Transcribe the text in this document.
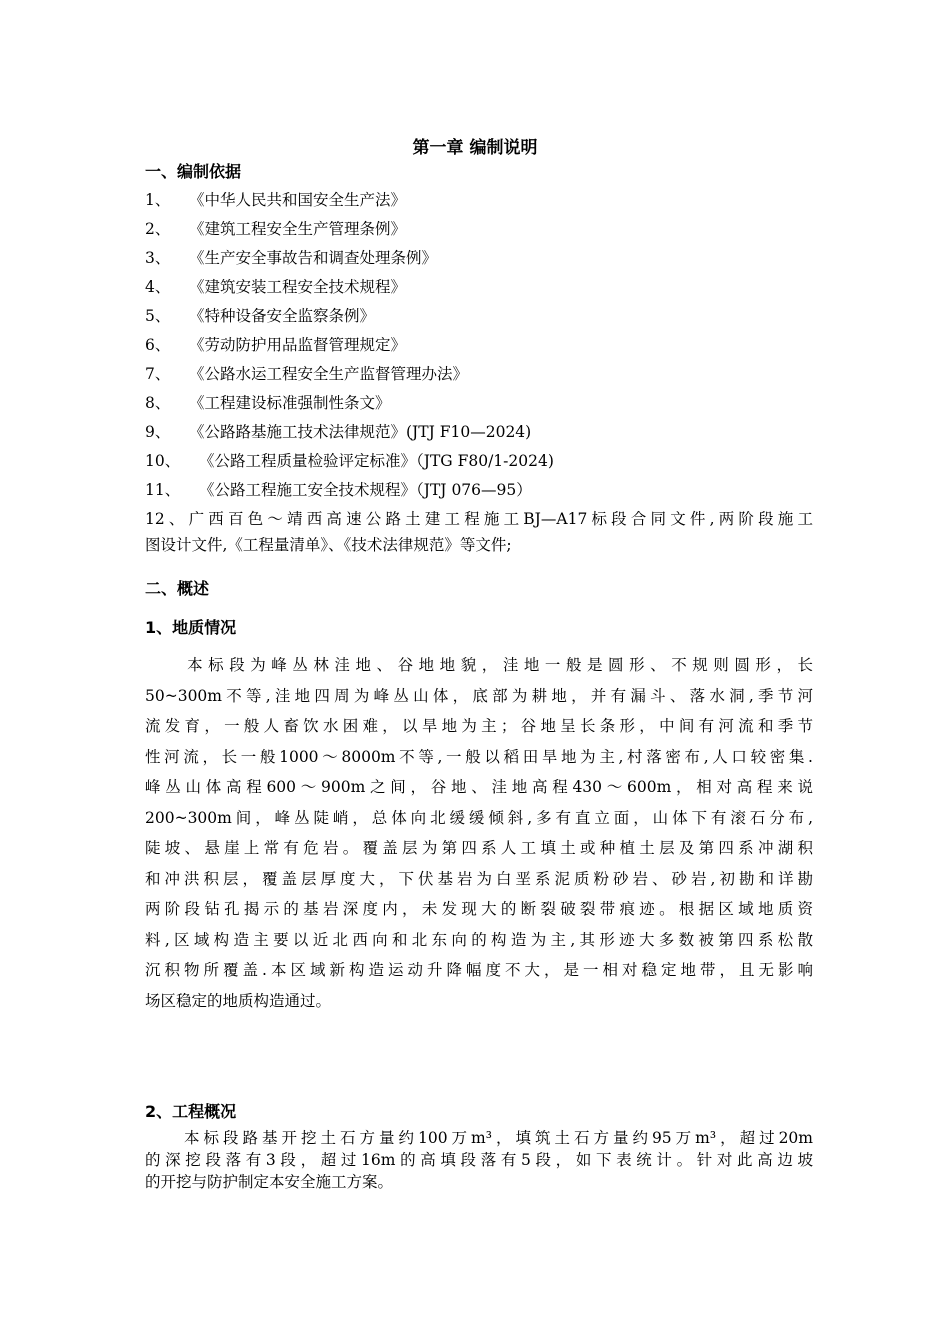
第一章 编制说明
一、编制依据
1、 《中华人民共和国安全生产法》
2、 《建筑工程安全生产管理条例》
3、 《生产安全事故告和调查处理条例》
4、 《建筑安装工程安全技术规程》
5、 《特种设备安全监察条例》
6、 《劳动防护用品监督管理规定》
7、 《公路水运工程安全生产监督管理办法》
8、 《工程建设标准强制性条文》
9、 《公路路基施工技术法律规范》(JTJ F10—2024)
10、 《公路工程质量检验评定标准》（JTG F80/1-2024)
11、 《公路工程施工安全技术规程》（JTJ 076—95）
12、广西百色～靖西高速公路土建工程施工BJ—A17标段合同文件,两阶段施工
图设计文件,《工程量清单》、《技术法律规范》等文件;
二、概述
1、地质情况
　　本标段为峰丛林洼地、谷地地貌，洼地一般是圆形、不规则圆形，长
50~300m不等,洼地四周为峰丛山体，底部为耕地，并有漏斗、落水洞,季节河
流发育，一般人畜饮水困难，以旱地为主；谷地呈长条形，中间有河流和季节
性河流，长一般1000～8000m不等,一般以稻田旱地为主,村落密布,人口较密集.
峰丛山体高程600～900m之间，谷地、洼地高程430～600m，相对高程来说
200~300m间，峰丛陡峭，总体向北缓缓倾斜,多有直立面，山体下有滚石分布,
陡坡、悬崖上常有危岩。覆盖层为第四系人工填土或种植土层及第四系冲湖积
和冲洪积层，覆盖层厚度大，下伏基岩为白垩系泥质粉砂岩、砂岩,初勘和详勘
两阶段钻孔揭示的基岩深度内，未发现大的断裂破裂带痕迹。根据区域地质资
料,区域构造主要以近北西向和北东向的构造为主,其形迹大多数被第四系松散
沉积物所覆盖.本区域新构造运动升降幅度不大，是一相对稳定地带，且无影响
场区稳定的地质构造通过。
2、工程概况
　　本标段路基开挖土石方量约100万m³，填筑土石方量约95万m³，超过20m
的深挖段落有3段，超过16m的高填段落有5段，如下表统计。针对此高边坡
的开挖与防护制定本安全施工方案。
